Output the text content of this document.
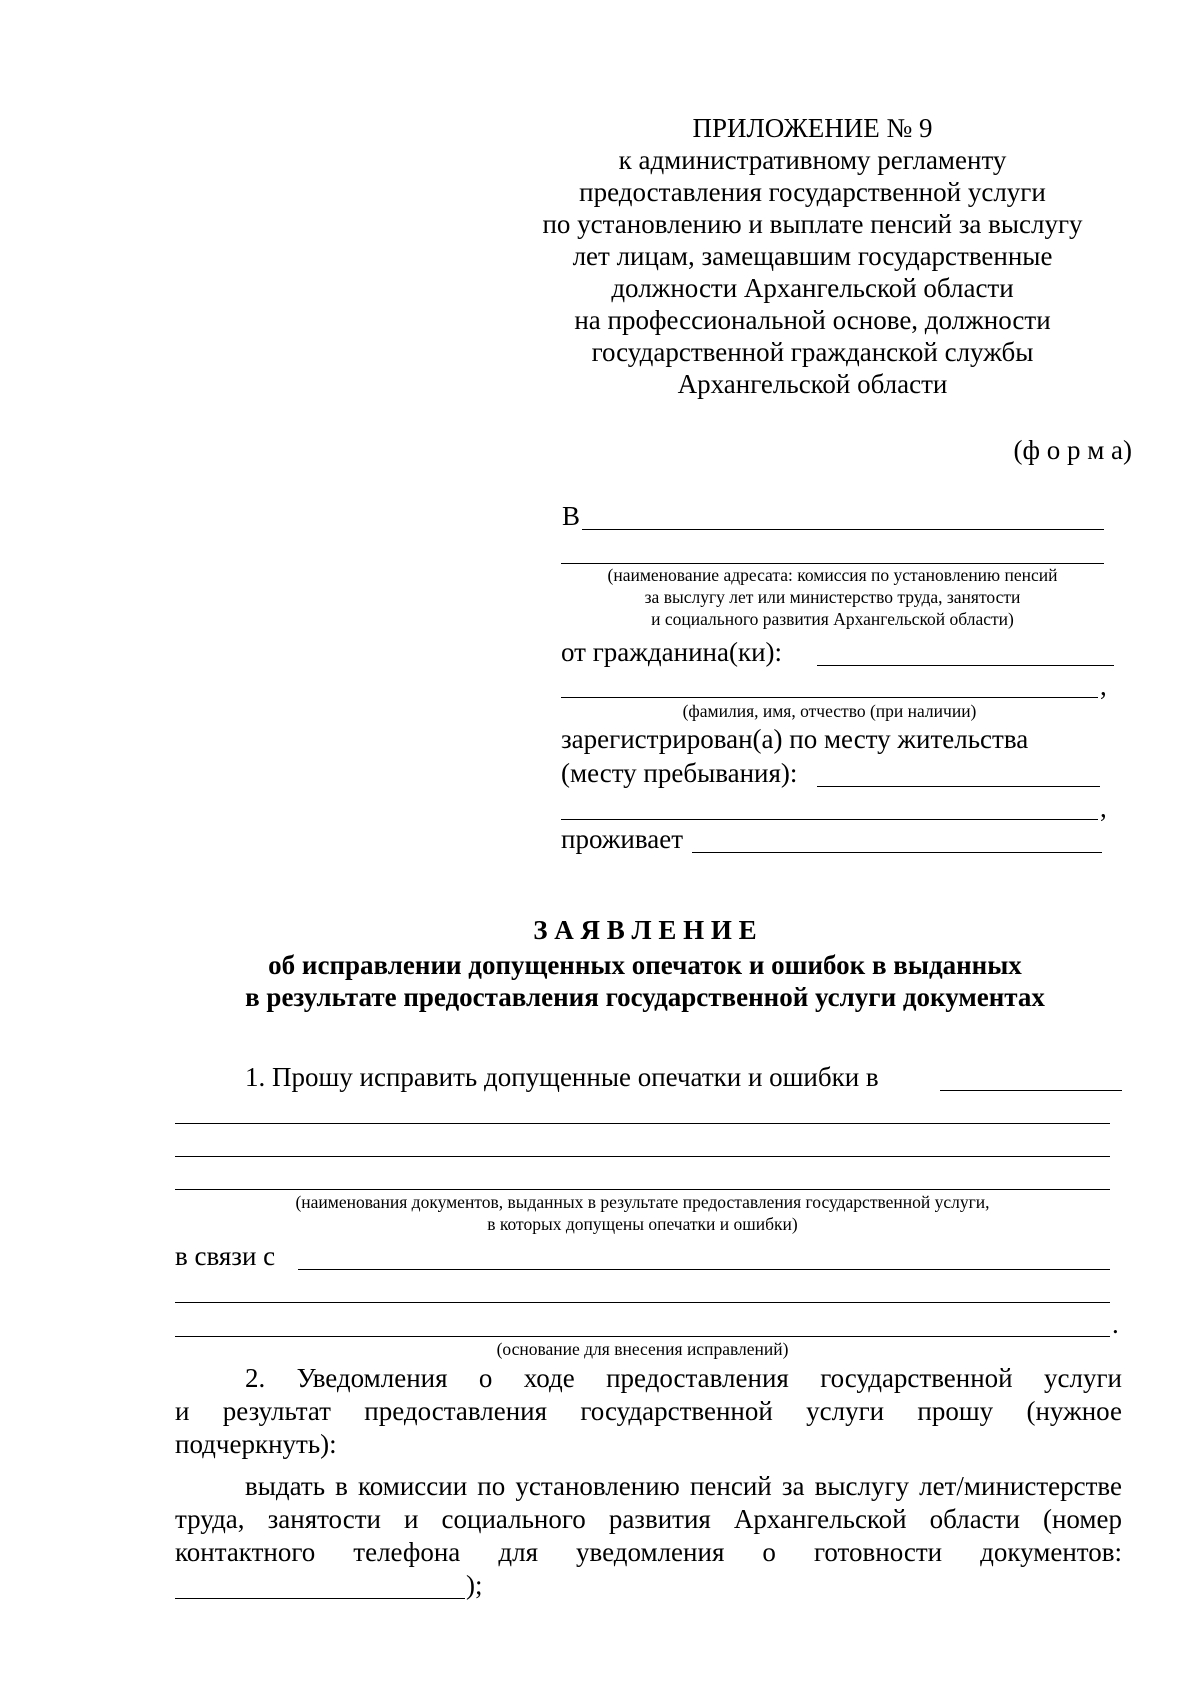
ПРИЛОЖЕНИЕ № 9
к административному регламенту
предоставления государственной услуги
по установлению и выплате пенсий за выслугу
лет лицам, замещавшим государственные
должности Архангельской области
на профессиональной основе, должности
государственной гражданской службы
Архангельской области
(ф о р м а)
В
(наименование адресата: комиссия по установлению пенсий
за выслугу лет или министерство труда, занятости
и социального развития Архангельской области)
от гражданина(ки):
,
(фамилия, имя, отчество (при наличии)
зарегистрирован(а) по месту жительства
(месту пребывания):
,
проживает
З А Я В Л Е Н И Е
об исправлении допущенных опечаток и ошибок в выданных
в результате предоставления государственной услуги документах
1. Прошу исправить допущенные опечатки и ошибки в
(наименования документов, выданных в результате предоставления государственной услуги,
в которых допущены опечатки и ошибки)
в связи с
.
(основание для внесения исправлений)
2. Уведомления о ходе предоставления государственной услуги
и результат предоставления государственной услуги прошу (нужное
подчеркнуть):
выдать в комиссии по установлению пенсий за выслугу лет/министерстве
труда, занятости и социального развития Архангельской области (номер
контактного телефона для уведомления о готовности документов:
);
